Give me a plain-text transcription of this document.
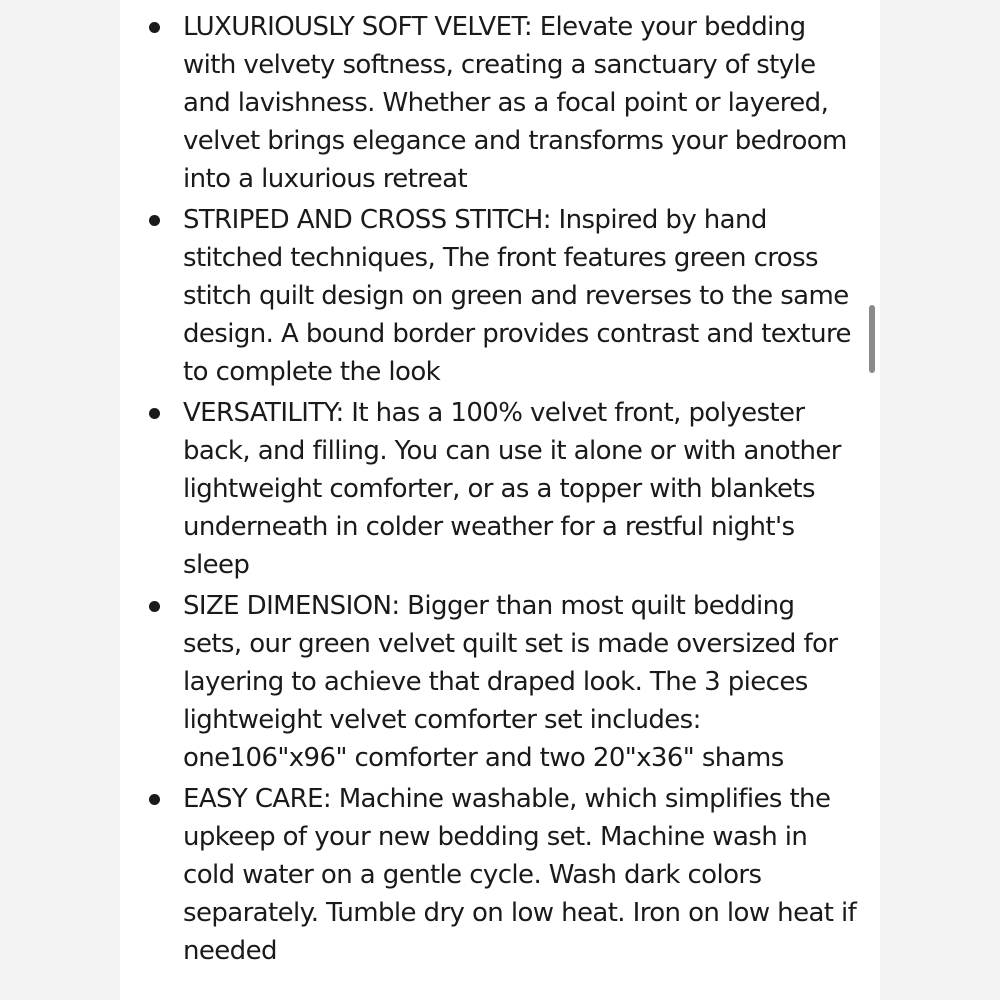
LUXURIOUSLY SOFT VELVET: Elevate your bedding with velvety softness, creating a sanctuary of style and lavishness. Whether as a focal point or layered, velvet brings elegance and transforms your bedroom into a luxurious retreat
STRIPED AND CROSS STITCH: Inspired by hand stitched techniques, The front features green cross stitch quilt design on green and reverses to the same design. A bound border provides contrast and texture to complete the look
VERSATILITY: It has a 100% velvet front, polyester back, and filling. You can use it alone or with another lightweight comforter, or as a topper with blankets underneath in colder weather for a restful night's sleep
SIZE DIMENSION: Bigger than most quilt bedding sets, our green velvet quilt set is made oversized for layering to achieve that draped look. The 3 pieces lightweight velvet comforter set includes: one106"x96" comforter and two 20"x36" shams
EASY CARE: Machine washable, which simplifies the upkeep of your new bedding set. Machine wash in cold water on a gentle cycle. Wash dark colors separately. Tumble dry on low heat. Iron on low heat if needed
